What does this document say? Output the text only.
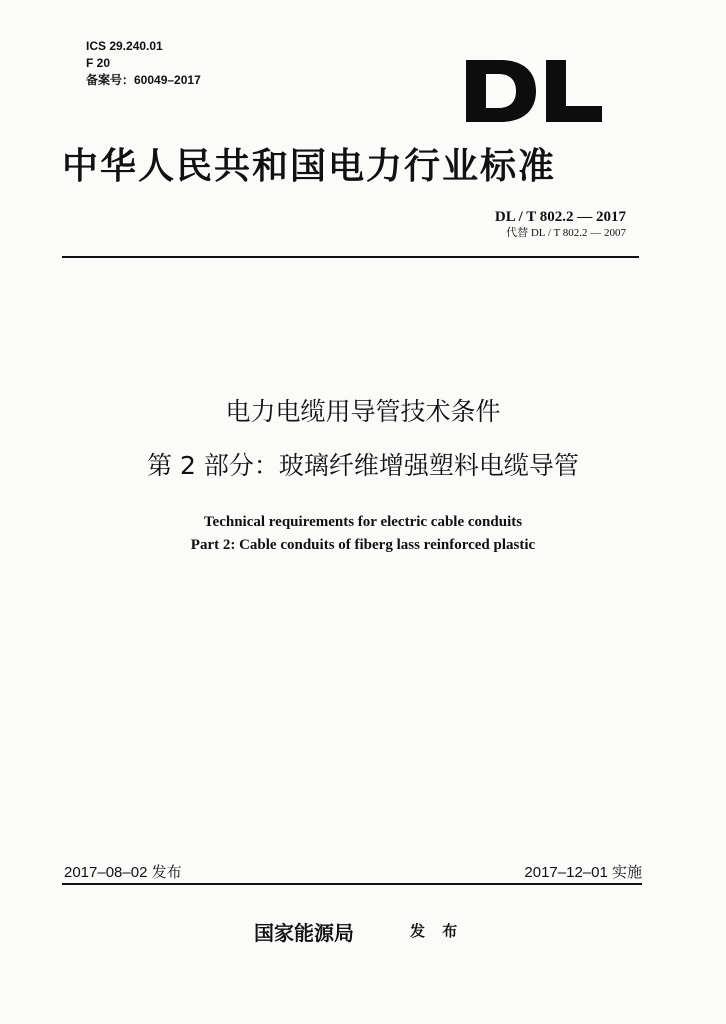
ICS 29.240.01
F 20
备案号：60049–2017
中华人民共和国电力行业标准
DL / T 802.2 — 2017
代替 DL / T 802.2 — 2007
电力电缆用导管技术条件
第 2 部分：玻璃纤维增强塑料电缆导管
Technical requirements for electric cable conduits
Part 2: Cable conduits of fiberg lass reinforced plastic
2017–08–02 发布	2017–12–01 实施
国家能源局	发 布
